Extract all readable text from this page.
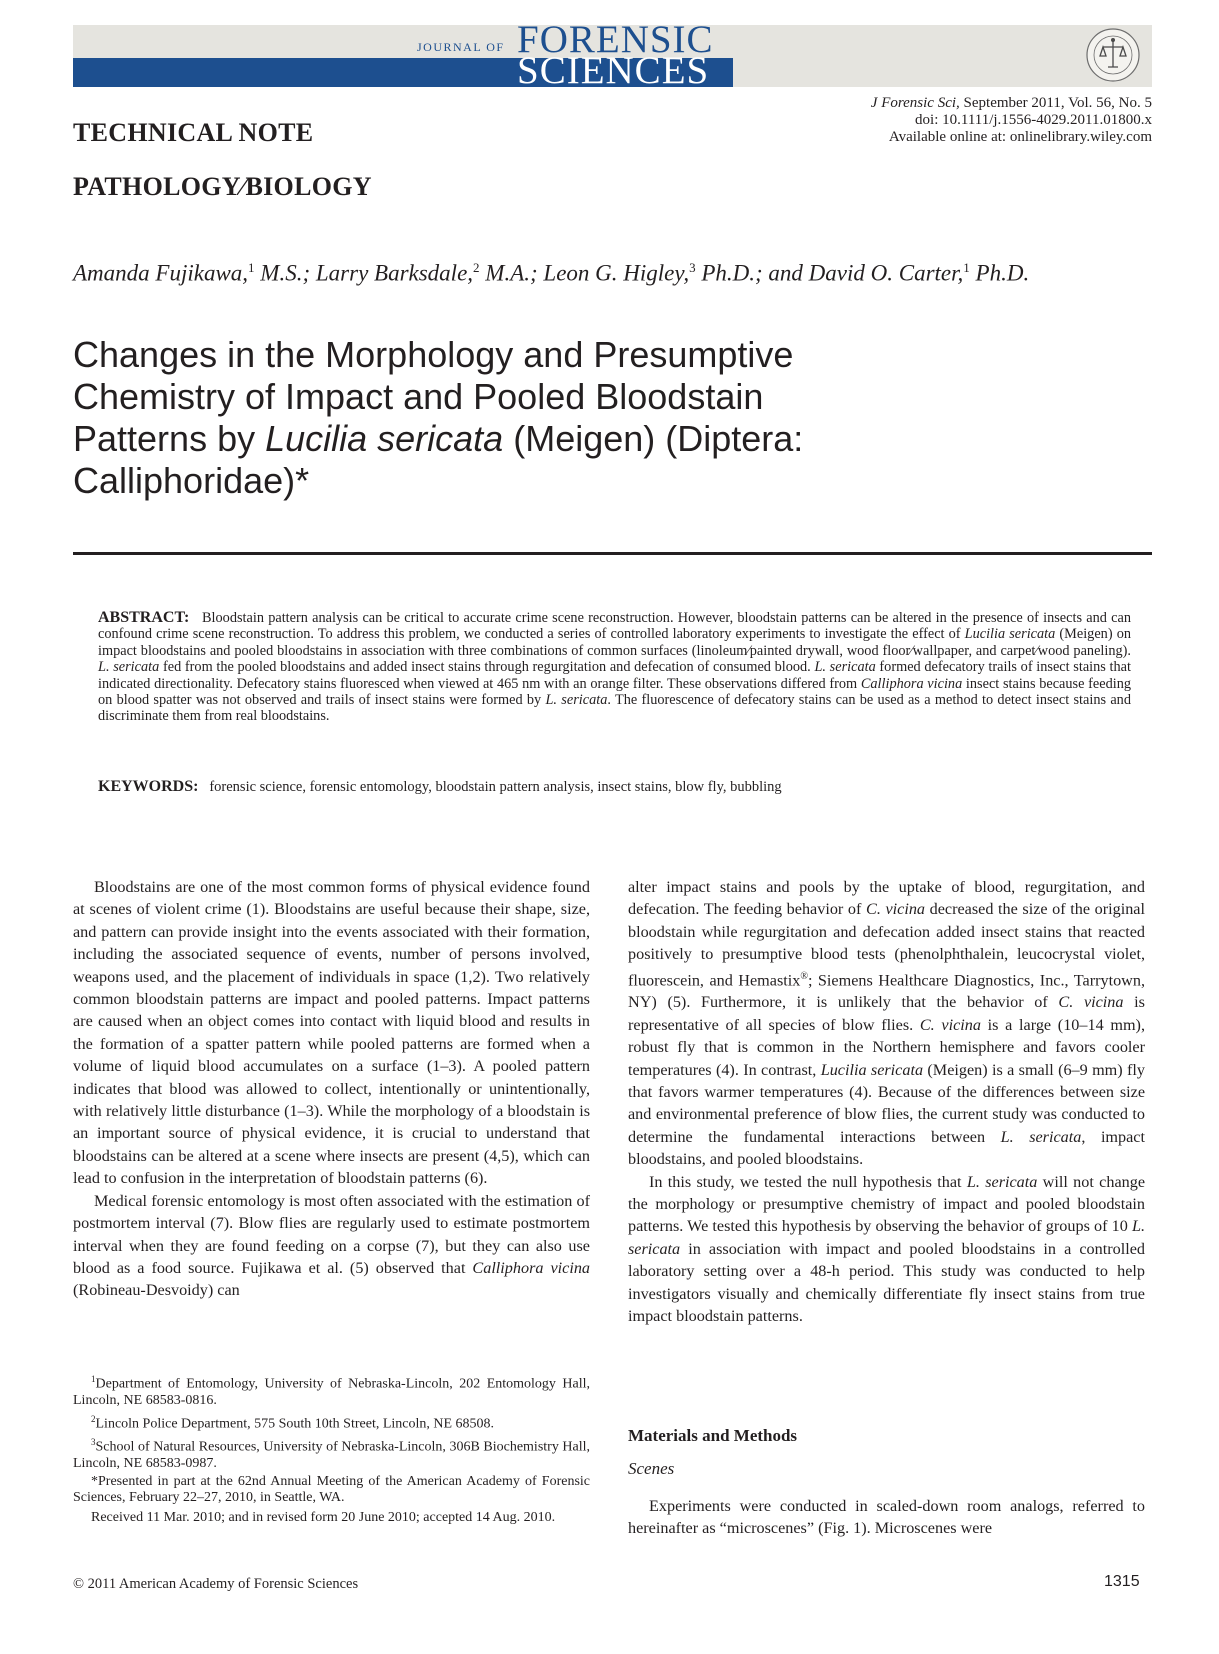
JOURNAL OF FORENSIC
SCIENCES
J Forensic Sci, September 2011, Vol. 56, No. 5
doi: 10.1111/j.1556-4029.2011.01800.x
Available online at: onlinelibrary.wiley.com
TECHNICAL NOTE
PATHOLOGY⁄BIOLOGY
Amanda Fujikawa,$^1$ M.S.; Larry Barksdale,$^2$ M.A.; Leon G. Higley,$^3$ Ph.D.; and David O. Carter,$^1$ Ph.D.
Changes in the Morphology and Presumptive
Chemistry of Impact and Pooled Bloodstain
Patterns by Lucilia sericata (Meigen) (Diptera:
Calliphoridae)*
ABSTRACT: Bloodstain pattern analysis can be critical to accurate crime scene reconstruction. However, bloodstain patterns can be altered in the presence of insects and can confound crime scene reconstruction. To address this problem, we conducted a series of controlled laboratory experiments to investigate the effect of Lucilia sericata (Meigen) on impact bloodstains and pooled bloodstains in association with three combinations of common surfaces (linoleum⁄painted drywall, wood floor⁄wallpaper, and carpet⁄wood paneling). L. sericata fed from the pooled bloodstains and added insect stains through regurgitation and defecation of consumed blood. L. sericata formed defecatory trails of insect stains that indicated directionality. Defecatory stains fluoresced when viewed at 465 nm with an orange filter. These observations differed from Calliphora vicina insect stains because feeding on blood spatter was not observed and trails of insect stains were formed by L. sericata. The fluorescence of defecatory stains can be used as a method to detect insect stains and discriminate them from real bloodstains.
KEYWORDS: forensic science, forensic entomology, bloodstain pattern analysis, insect stains, blow fly, bubbling

Bloodstains are one of the most common forms of physical evidence found at scenes of violent crime (1). Bloodstains are useful because their shape, size, and pattern can provide insight into the events associated with their formation, including the associated sequence of events, number of persons involved, weapons used, and the placement of individuals in space (1,2). Two relatively common bloodstain patterns are impact and pooled patterns. Impact patterns are caused when an object comes into contact with liquid blood and results in the formation of a spatter pattern while pooled patterns are formed when a volume of liquid blood accumulates on a surface (1–3). A pooled pattern indicates that blood was allowed to collect, intentionally or unintentionally, with relatively little disturbance (1–3). While the morphology of a bloodstain is an important source of physical evidence, it is crucial to understand that bloodstains can be altered at a scene where insects are present (4,5), which can lead to confusion in the interpretation of bloodstain patterns (6).

Medical forensic entomology is most often associated with the estimation of postmortem interval (7). Blow flies are regularly used to estimate postmortem interval when they are found feeding on a corpse (7), but they can also use blood as a food source. Fujikawa et al. (5) observed that Calliphora vicina (Robineau-Desvoidy) can

$^1$Department of Entomology, University of Nebraska-Lincoln, 202 Entomology Hall, Lincoln, NE 68583-0816.

$^2$Lincoln Police Department, 575 South 10th Street, Lincoln, NE 68508.

$^3$School of Natural Resources, University of Nebraska-Lincoln, 306B Biochemistry Hall, Lincoln, NE 68583-0987.

*Presented in part at the 62nd Annual Meeting of the American Academy of Forensic Sciences, February 22–27, 2010, in Seattle, WA.

Received 11 Mar. 2010; and in revised form 20 June 2010; accepted 14 Aug. 2010.

alter impact stains and pools by the uptake of blood, regurgitation, and defecation. The feeding behavior of C. vicina decreased the size of the original bloodstain while regurgitation and defecation added insect stains that reacted positively to presumptive blood tests (phenolphthalein, leucocrystal violet, fluorescein, and Hemastix®; Siemens Healthcare Diagnostics, Inc., Tarrytown, NY) (5). Furthermore, it is unlikely that the behavior of C. vicina is representative of all species of blow flies. C. vicina is a large (10–14 mm), robust fly that is common in the Northern hemisphere and favors cooler temperatures (4). In contrast, Lucilia sericata (Meigen) is a small (6–9 mm) fly that favors warmer temperatures (4). Because of the differences between size and environmental preference of blow flies, the current study was conducted to determine the fundamental interactions between L. sericata, impact bloodstains, and pooled bloodstains.

In this study, we tested the null hypothesis that L. sericata will not change the morphology or presumptive chemistry of impact and pooled bloodstain patterns. We tested this hypothesis by observing the behavior of groups of 10 L. sericata in association with impact and pooled bloodstains in a controlled laboratory setting over a 48-h period. This study was conducted to help investigators visually and chemically differentiate fly insect stains from true impact bloodstain patterns.

Materials and Methods
Scenes
Experiments were conducted in scaled-down room analogs, referred to hereinafter as “microscenes” (Fig. 1). Microscenes were
© 2011 American Academy of Forensic Sciences	1315
